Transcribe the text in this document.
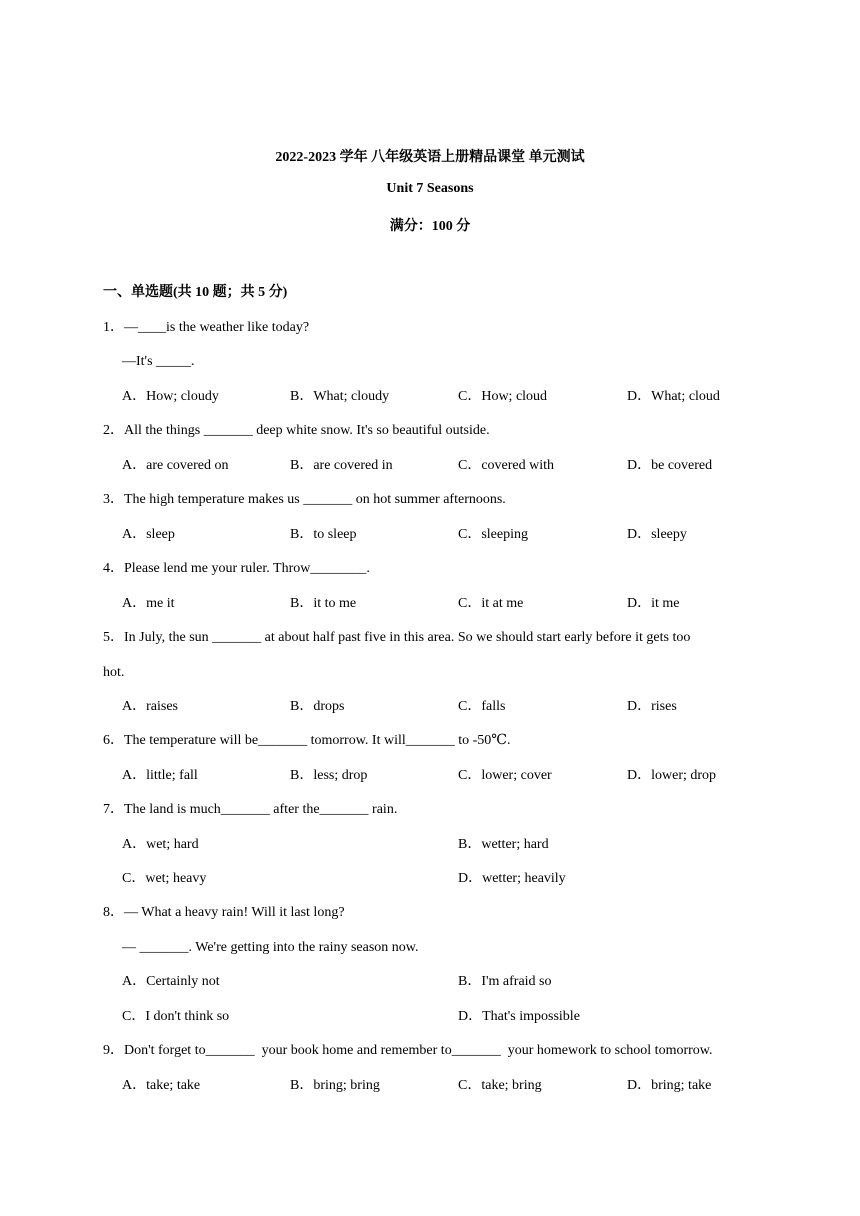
2022-2023 学年 八年级英语上册精品课堂 单元测试
Unit 7 Seasons
满分：100 分
一、单选题(共 10 题；共 5 分)
1．—____is the weather like today?
—It's _____.
A．How; cloudy	B．What; cloudy	C．How; cloud	D．What; cloud
2．All the things _______ deep white snow. It's so beautiful outside.
A．are covered on	B．are covered in	C．covered with	D．be covered
3．The high temperature makes us _______ on hot summer afternoons.
A．sleep	B．to sleep	C．sleeping	D．sleepy
4．Please lend me your ruler. Throw________.
A．me it	B．it to me	C．it at me	D．it me
5．In July, the sun _______ at about half past five in this area. So we should start early before it gets too
hot.
A．raises	B．drops	C．falls	D．rises
6．The temperature will be_______ tomorrow. It will_______ to -50℃.
A．little; fall	B．less; drop	C．lower; cover	D．lower; drop
7．The land is much_______ after the_______ rain.
A．wet; hard	B．wetter; hard
C．wet; heavy	D．wetter; heavily
8．— What a heavy rain! Will it last long?
— _______. We're getting into the rainy season now.
A．Certainly not	B．I'm afraid so
C．I don't think so	D．That's impossible
9．Don't forget to_______  your book home and remember to_______  your homework to school tomorrow.
A．take; take	B．bring; bring	C．take; bring	D．bring; take
